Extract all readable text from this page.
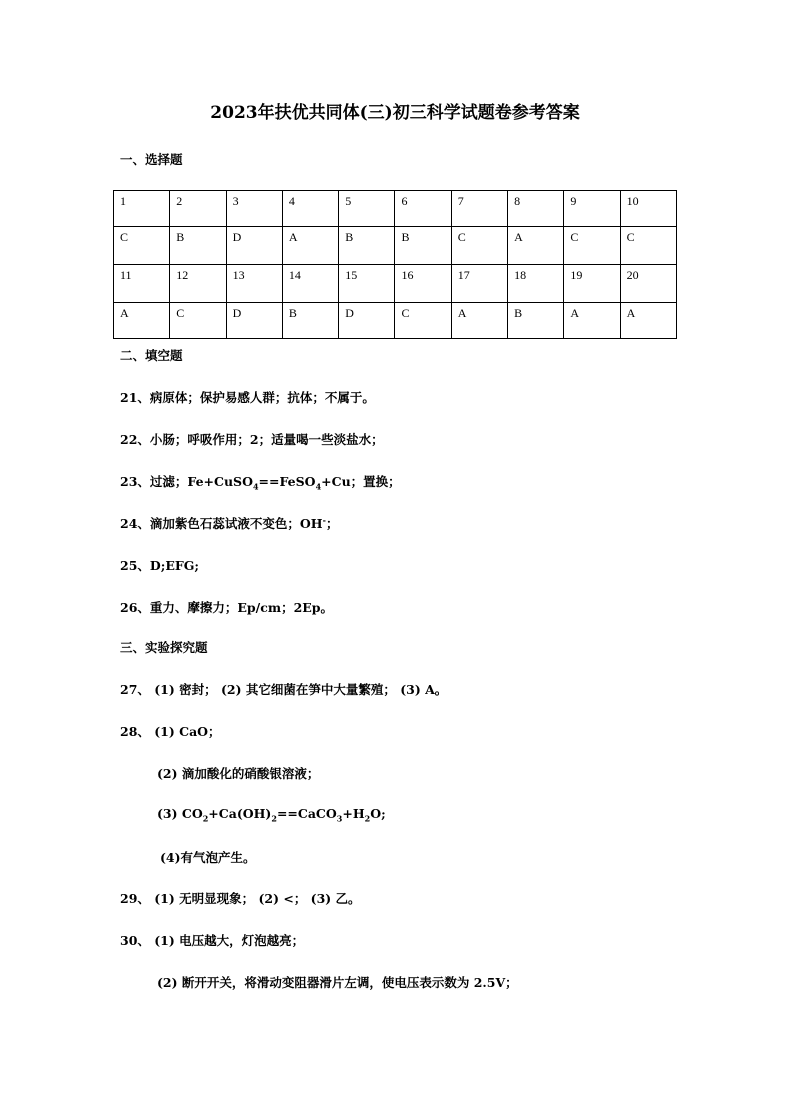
2023年扶优共同体(三)初三科学试题卷参考答案
一、选择题
1	2	3	4	5	6	7	8	9	10
C	B	D	A	B	B	C	A	C	C
11	12	13	14	15	16	17	18	19	20
A	C	D	B	D	C	A	B	A	A
二、填空题
21、病原体；保护易感人群；抗体；不属于。
22、小肠；呼吸作用；2；适量喝一些淡盐水；
23、过滤；Fe+CuSO$_4$==FeSO$_4$+Cu；置换；
24、滴加紫色石蕊试液不变色；OH-；
25、D;EFG;
26、重力、摩擦力；Ep/cm；2Ep。
三、实验探究题
27、 (1) 密封； (2) 其它细菌在笋中大量繁殖； (3) A。
28、 (1) CaO；
(2) 滴加酸化的硝酸银溶液；
(3) $CO_2+Ca(OH)_2==CaCO_3+H_2O$;
(4)有气泡产生。
29、 (1) 无明显现象； (2) <； (3) 乙。
30、 (1) 电压越大，灯泡越亮；
(2) 断开开关，将滑动变阻器滑片左调，使电压表示数为 2.5V；
